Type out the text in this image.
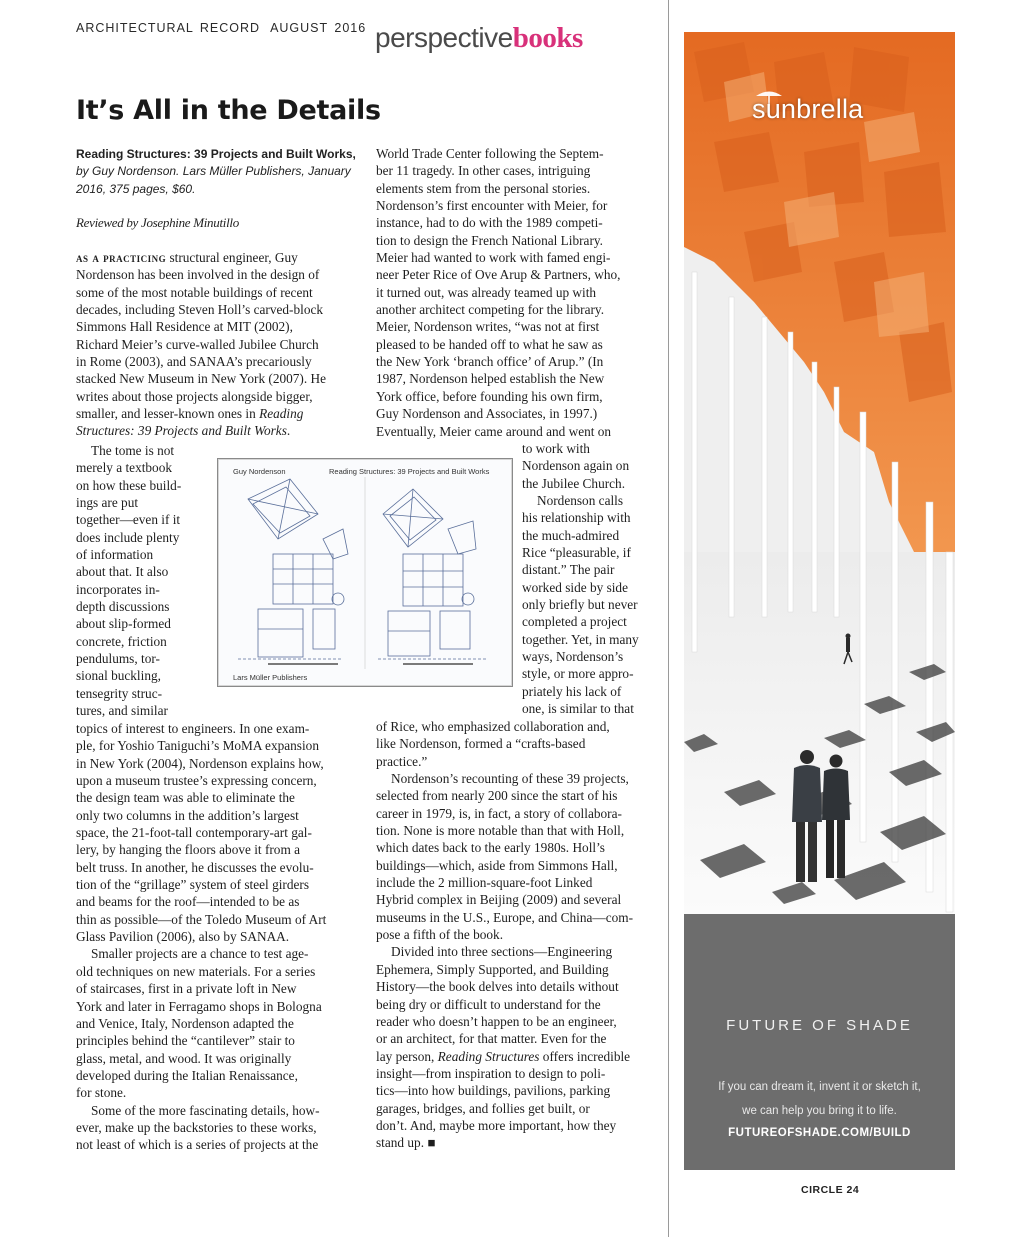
ARCHITECTURAL RECORD AUGUST 2016 perspectivebooks
It’s All in the Details
Reading Structures: 39 Projects and Built Works,
by Guy Nordenson. Lars Müller Publishers, January
2016, 375 pages, $60.
Reviewed by Josephine Minutillo
as a practicing structural engineer, Guy
Nordenson has been involved in the design of
some of the most notable buildings of recent
decades, including Steven Holl’s carved-block
Simmons Hall Residence at MIT (2002),
Richard Meier’s curve-walled Jubilee Church
in Rome (2003), and SANAA’s precariously
stacked New Museum in New York (2007). He
writes about those projects alongside bigger,
smaller, and lesser-known ones in Reading
Structures: 39 Projects and Built Works.
The tome is not
merely a textbook
on how these build-
ings are put
together—even if it
does include plenty
of information
about that. It also
incorporates in-
depth discussions
about slip-formed
concrete, friction
pendulums, tor-
sional buckling,
tensegrity struc-
tures, and similar
topics of interest to engineers. In one exam-
ple, for Yoshio Taniguchi’s MoMA expansion
in New York (2004), Nordenson explains how,
upon a museum trustee’s expressing concern,
the design team was able to eliminate the
only two columns in the addition’s largest
space, the 21-foot-tall contemporary-art gal-
lery, by hanging the floors above it from a
belt truss. In another, he discusses the evolu-
tion of the “grillage” system of steel girders
and beams for the roof—intended to be as
thin as possible—of the Toledo Museum of Art
Glass Pavilion (2006), also by SANAA.
Smaller projects are a chance to test age-
old techniques on new materials. For a series
of staircases, first in a private loft in New
York and later in Ferragamo shops in Bologna
and Venice, Italy, Nordenson adapted the
principles behind the “cantilever” stair to
glass, metal, and wood. It was originally
developed during the Italian Renaissance,
for stone.
Some of the more fascinating details, how-
ever, make up the backstories to these works,
not least of which is a series of projects at the
Guy Nordenson	Reading Structures: 39 Projects and Built Works
Lars Müller Publishers
World Trade Center following the Septem-
ber 11 tragedy. In other cases, intriguing
elements stem from the personal stories.
Nordenson’s first encounter with Meier, for
instance, had to do with the 1989 competi-
tion to design the French National Library.
Meier had wanted to work with famed engi-
neer Peter Rice of Ove Arup & Partners, who,
it turned out, was already teamed up with
another architect competing for the library.
Meier, Nordenson writes, “was not at first
pleased to be handed off to what he saw as
the New York ‘branch office’ of Arup.” (In
1987, Nordenson helped establish the New
York office, before founding his own firm,
Guy Nordenson and Associates, in 1997.)
Eventually, Meier came around and went on
to work with
Nordenson again on
the Jubilee Church.
Nordenson calls
his relationship with
the much-admired
Rice “pleasurable, if
distant.” The pair
worked side by side
only briefly but never
completed a project
together. Yet, in many
ways, Nordenson’s
style, or more appro-
priately his lack of
one, is similar to that
of Rice, who emphasized collaboration and,
like Nordenson, formed a “crafts-based
practice.”
Nordenson’s recounting of these 39 projects,
selected from nearly 200 since the start of his
career in 1979, is, in fact, a story of collabora-
tion. None is more notable than that with Holl,
which dates back to the early 1980s. Holl’s
buildings—which, aside from Simmons Hall,
include the 2 million-square-foot Linked
Hybrid complex in Beijing (2009) and several
museums in the U.S., Europe, and China—com-
pose a fifth of the book.
Divided into three sections—Engineering
Ephemera, Simply Supported, and Building
History—the book delves into details without
being dry or difficult to understand for the
reader who doesn’t happen to be an engineer,
or an architect, for that matter. Even for the
lay person, Reading Structures offers incredible
insight—from inspiration to design to poli-
tics—into how buildings, pavilions, parking
garages, bridges, and follies get built, or
don’t. And, maybe more important, how they
stand up. ■
sunbrella
FUTURE OF SHADE
If you can dream it, invent it or sketch it,
we can help you bring it to life.
FUTUREOFSHADE.COM/BUILD
CIRCLE 24
